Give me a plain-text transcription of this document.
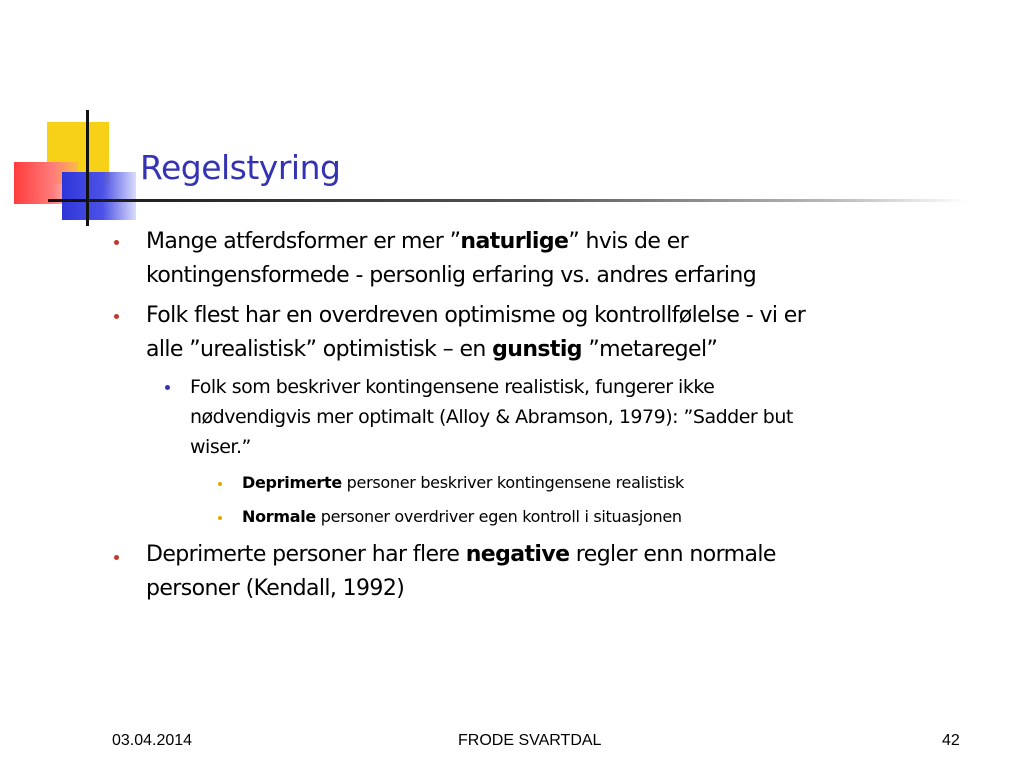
Regelstyring
Mange atferdsformer er mer ”naturlige” hvis de er
kontingensformede - personlig erfaring vs. andres erfaring
Folk flest har en overdreven optimisme og kontrollfølelse - vi er
alle ”urealistisk” optimistisk – en gunstig ”metaregel”
Folk som beskriver kontingensene realistisk, fungerer ikke
nødvendigvis mer optimalt (Alloy & Abramson, 1979): ”Sadder but
wiser.”
Deprimerte personer beskriver kontingensene realistisk
Normale personer overdriver egen kontroll i situasjonen
Deprimerte personer har flere negative regler enn normale
personer (Kendall, 1992)
03.04.2014	FRODE SVARTDAL	42
